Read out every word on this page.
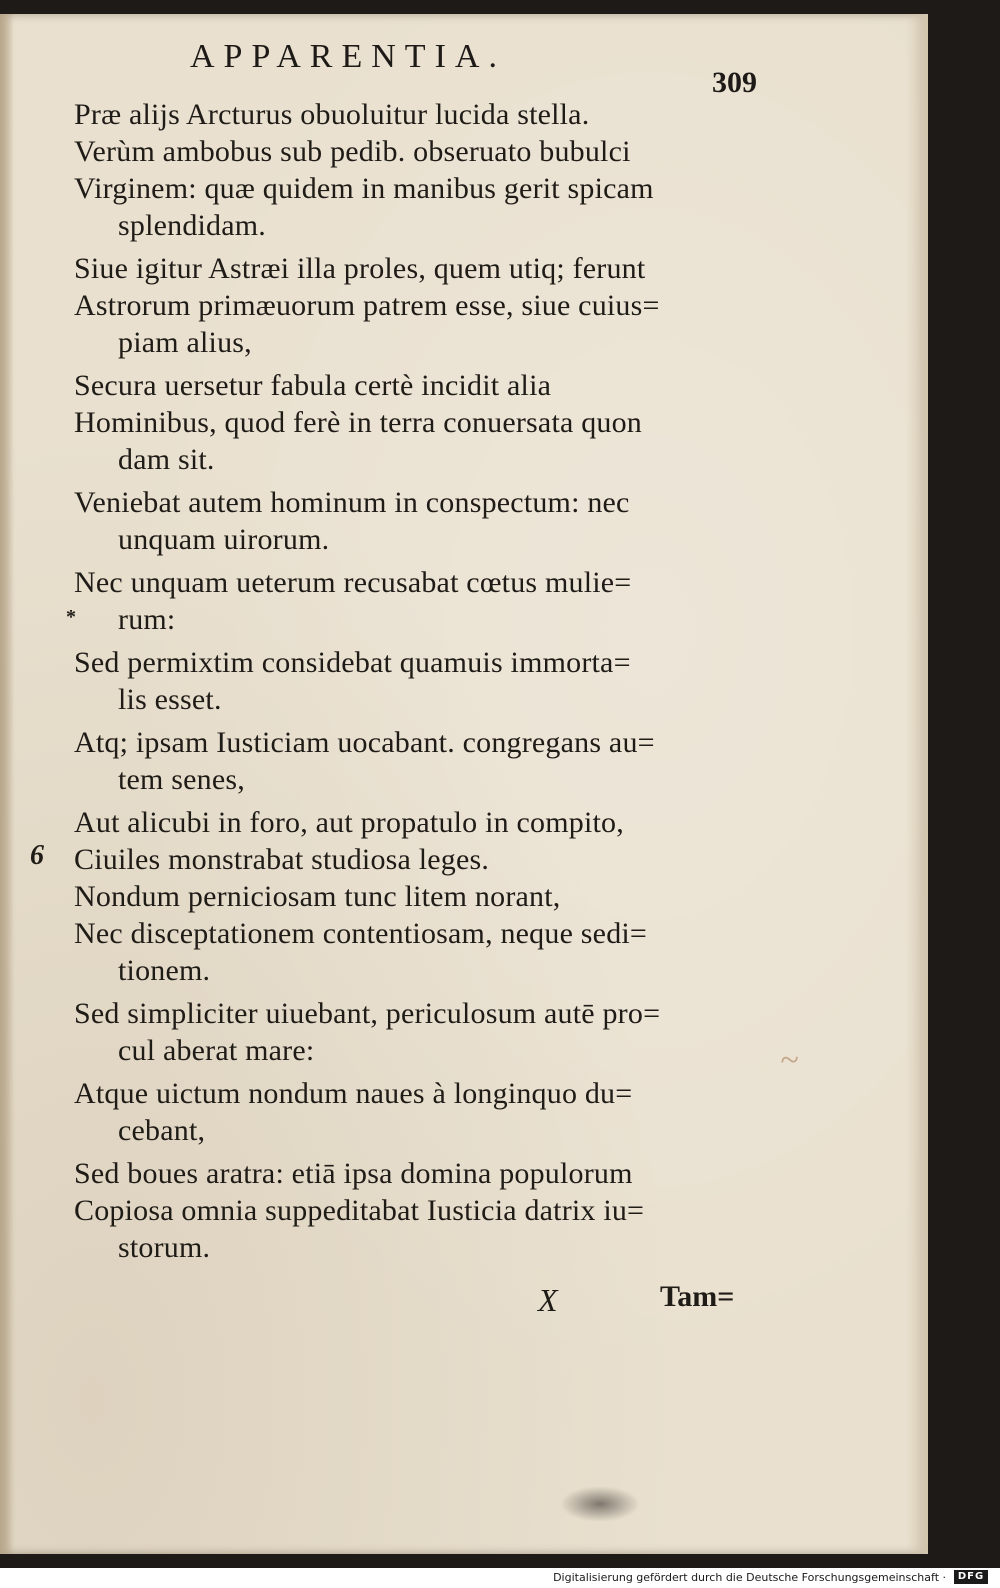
APPARENTIA.
309
Præ alijs Arcturus obuoluitur lucida stella.
Verùm ambobus sub pedib. obseruato bubulci
Virginem: quæ quidem in manibus gerit spicam
splendidam.
Siue igitur Astræi illa proles, quem utiq; ferunt
Astrorum primæuorum patrem esse, siue cuius=
piam alius,
Secura uersetur fabula certè incidit alia
Hominibus, quod ferè in terra conuersata quon
dam sit.
Veniebat autem hominum in conspectum: nec
unquam uirorum.
Nec unquam ueterum recusabat cœtus mulie=
rum:
Sed permixtim considebat quamuis immorta=
lis esset.
Atq; ipsam Iusticiam uocabant. congregans au=
tem senes,
Aut alicubi in foro, aut propatulo in compito,
Ciuiles monstrabat studiosa leges.
Nondum perniciosam tunc litem norant,
Nec disceptationem contentiosam, neque sedi=
tionem.
Sed simpliciter uiuebant, periculosum autē pro=
cul aberat mare:
Atque uictum nondum naues à longinquo du=
cebant,
Sed boues aratra: etiā ipsa domina populorum
Copiosa omnia suppeditabat Iusticia datrix iu=
storum.
6
*
~
X	Tam=
Digitalisierung gefördert durch die Deutsche Forschungsgemeinschaft ·	DFG
